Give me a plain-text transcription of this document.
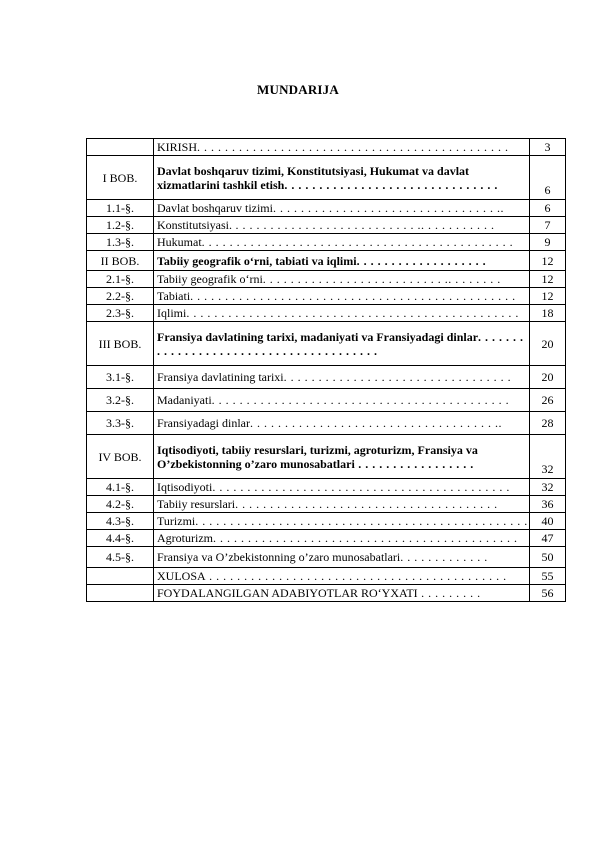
MUNDARIJA
	KIRISH. . . . . . . . . . . . . . . . . . . . . . . . . . . . . . . . . . . . . . . . . . . . .	3
I BOB.	Davlat boshqaruv tizimi, Konstitutsiyasi, Hukumat va davlat xizmatlarini tashkil etish. . . . . . . . . . . . . . . . . . . . . . . . . . . . . . .	6
1.1-§.	Davlat boshqaruv tizimi. . . . . . . . . . . . . . . . . . . . . . . . . . . . . . . . ..	6
1.2-§.	Konstitutsiyasi. . . . . . . . . . . . . . . . . . . . . . . . . . . .. . . . . . . . . . .	7
1.3-§.	Hukumat. . . . . . . . . . . . . . . . . . . . . . . . . . . . . . . . . . . . . . . . . . . . .	9
II BOB.	Tabiiy geografik o‘rni, tabiati va iqlimi. . . . . . . . . . . . . . . . . . .	12
2.1-§.	Tabiiy geografik o‘rni. . . . . . . . . . . . . . . . . . . . . . . . . . .. . . . . . . .	12
2.2-§.	Tabiati. . . . . . . . . . . . . . . . . . . . . . . . . . . . . . . . . . . . . . . . . . . . . . .	12
2.3-§.	Iqlimi. . . . . . . . . . . . . . . . . . . . . . . . . . . . . . . . . . . . . . . . . . . . . . . .	18
III BOB.	Fransiya davlatining tarixi, madaniyati va Fransiyadagi dinlar. . . . . . . . . . . . . . . . . . . . . . . . . . . . . . . . . . . . . . .	20
3.1-§.	Fransiya davlatining tarixi. . . . . . . . . . . . . . . . . . . . . . . . . . . . . . . . .	20
3.2-§.	Madaniyati. . . . . . . . . . . . . . . . . . . . . . . . . . . . . . . . . . . . . . . . . . .	26
3.3-§.	Fransiyadagi dinlar. . . . . . . . . . . . . . . . . . . . . . . . . . . . . . . . . . . ..	28
IV BOB.	Iqtisodiyoti, tabiiy resurslari, turizmi, agroturizm, Fransiya va O’zbekistonning o’zaro munosabatlari . . . . . . . . . . . . . . . . .	32
4.1-§.	Iqtisodiyoti. . . . . . . . . . . . . . . . . . . . . . . . . . . . . . . . . . . . . . . . . . .	32
4.2-§.	Tabiiy resurslari. . . . . . . . . . . . . . . . . . . . . . . . . . . . . . . . . . . . . .	36
4.3-§.	Turizmi. . . . . . . . . . . . . . . . . . . . . . . . . . . . . . . . . . . . . . . . . . . . . . . .	40
4.4-§.	Agroturizm. . . . . . . . . . . . . . . . . . . . . . . . . . . . . . . . . . . . . . . . . . . .	47
4.5-§.	Fransiya va O’zbekistonning o’zaro munosabatlari. . . . . . . . . . . . .	50
	XULOSA . . . . . . . . . . . . . . . . . . . . . . . . . . . . . . . . . . . . . . . . . . .	55
	FOYDALANGILGAN ADABIYOTLAR RO‘YXATI . . . . . . . . .	56
